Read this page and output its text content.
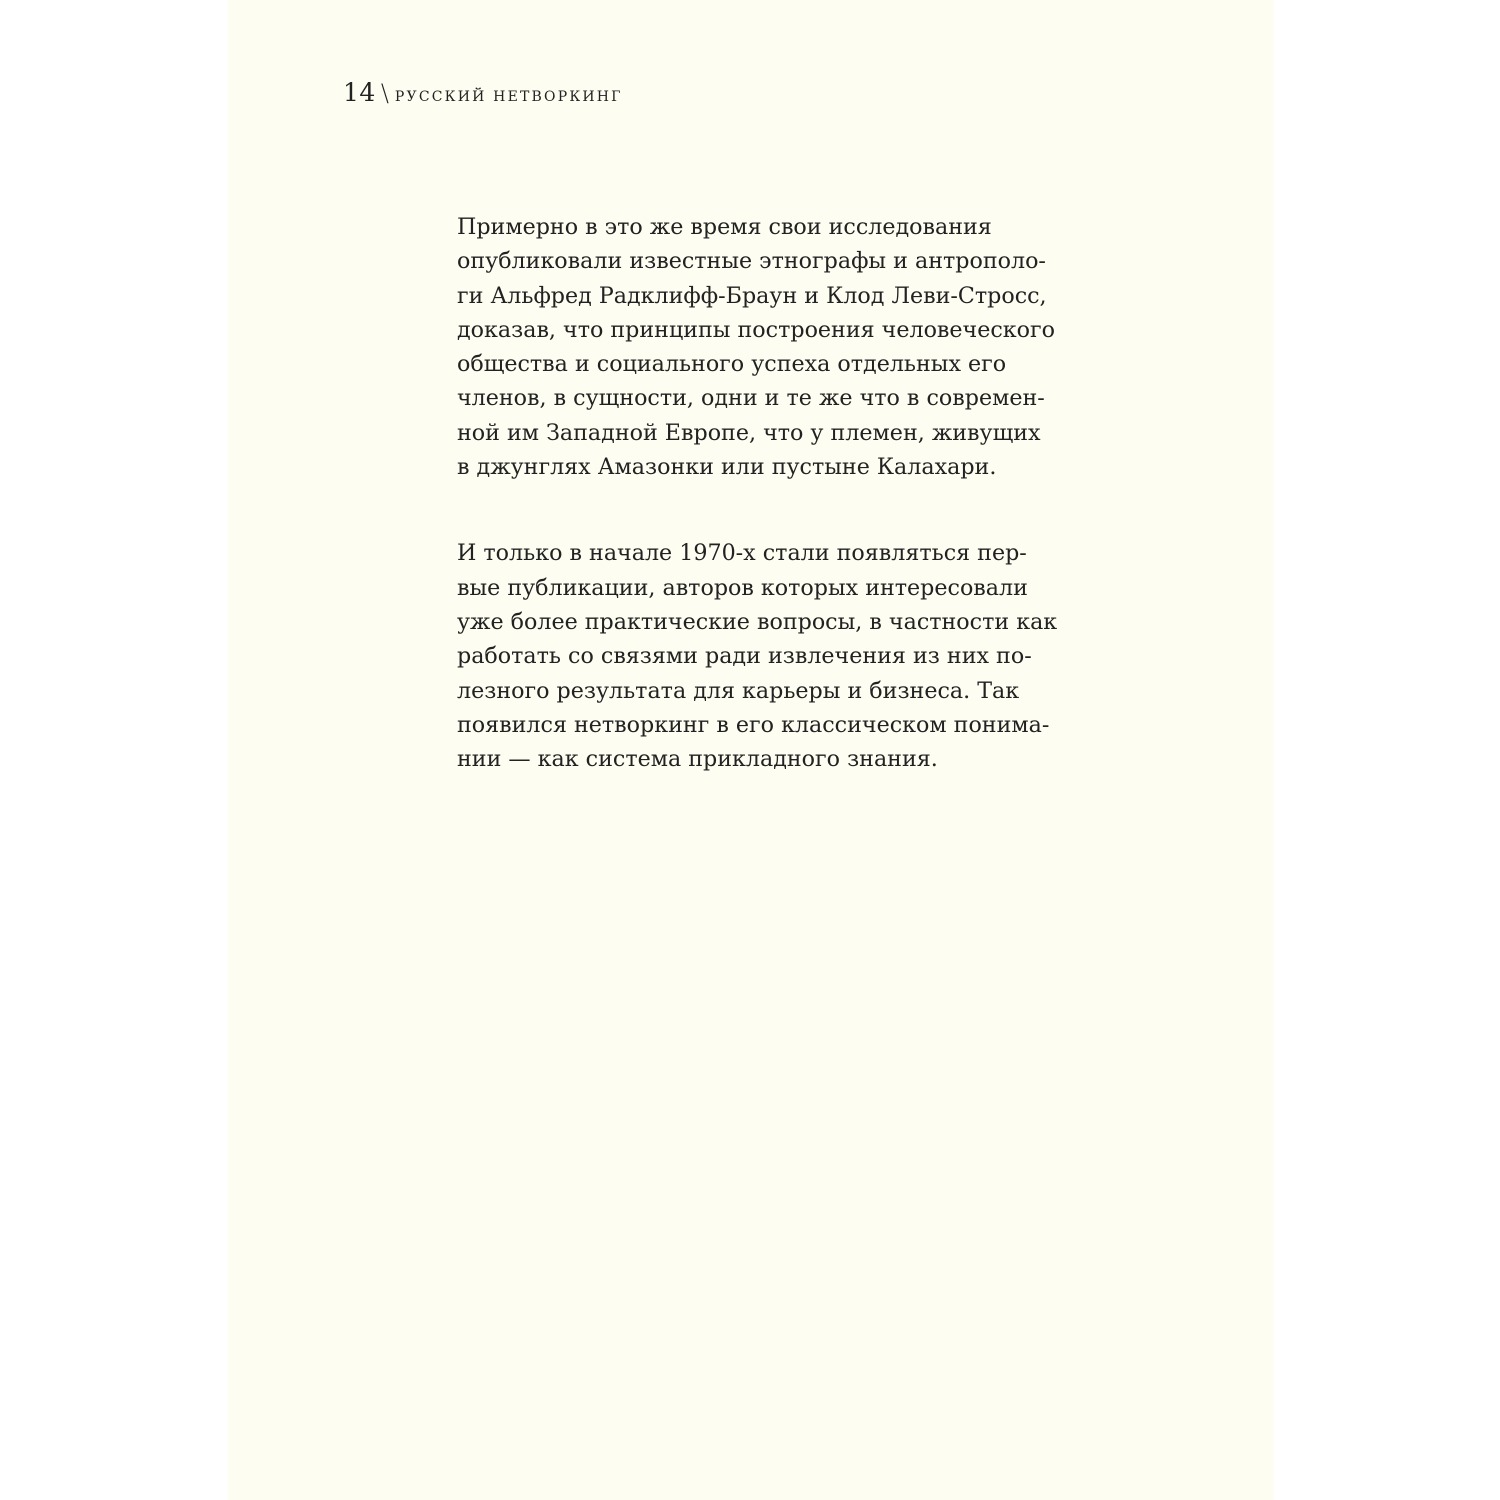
14 \ РУССКИЙ НЕТВОРКИНГ

Примерно в это же время свои исследования
опубликовали известные этнографы и антрополо-
ги Альфред Радклифф-Браун и Клод Леви-Стросс,
доказав, что принципы построения человеческого
общества и социального успеха отдельных его
членов, в сущности, одни и те же что в современ-
ной им Западной Европе, что у племен, живущих
в джунглях Амазонки или пустыне Калахари.

И только в начале 1970-х стали появляться пер-
вые публикации, авторов которых интересовали
уже более практические вопросы, в частности как
работать со связями ради извлечения из них по-
лезного результата для карьеры и бизнеса. Так
появился нетворкинг в его классическом понима-
нии — как система прикладного знания.
